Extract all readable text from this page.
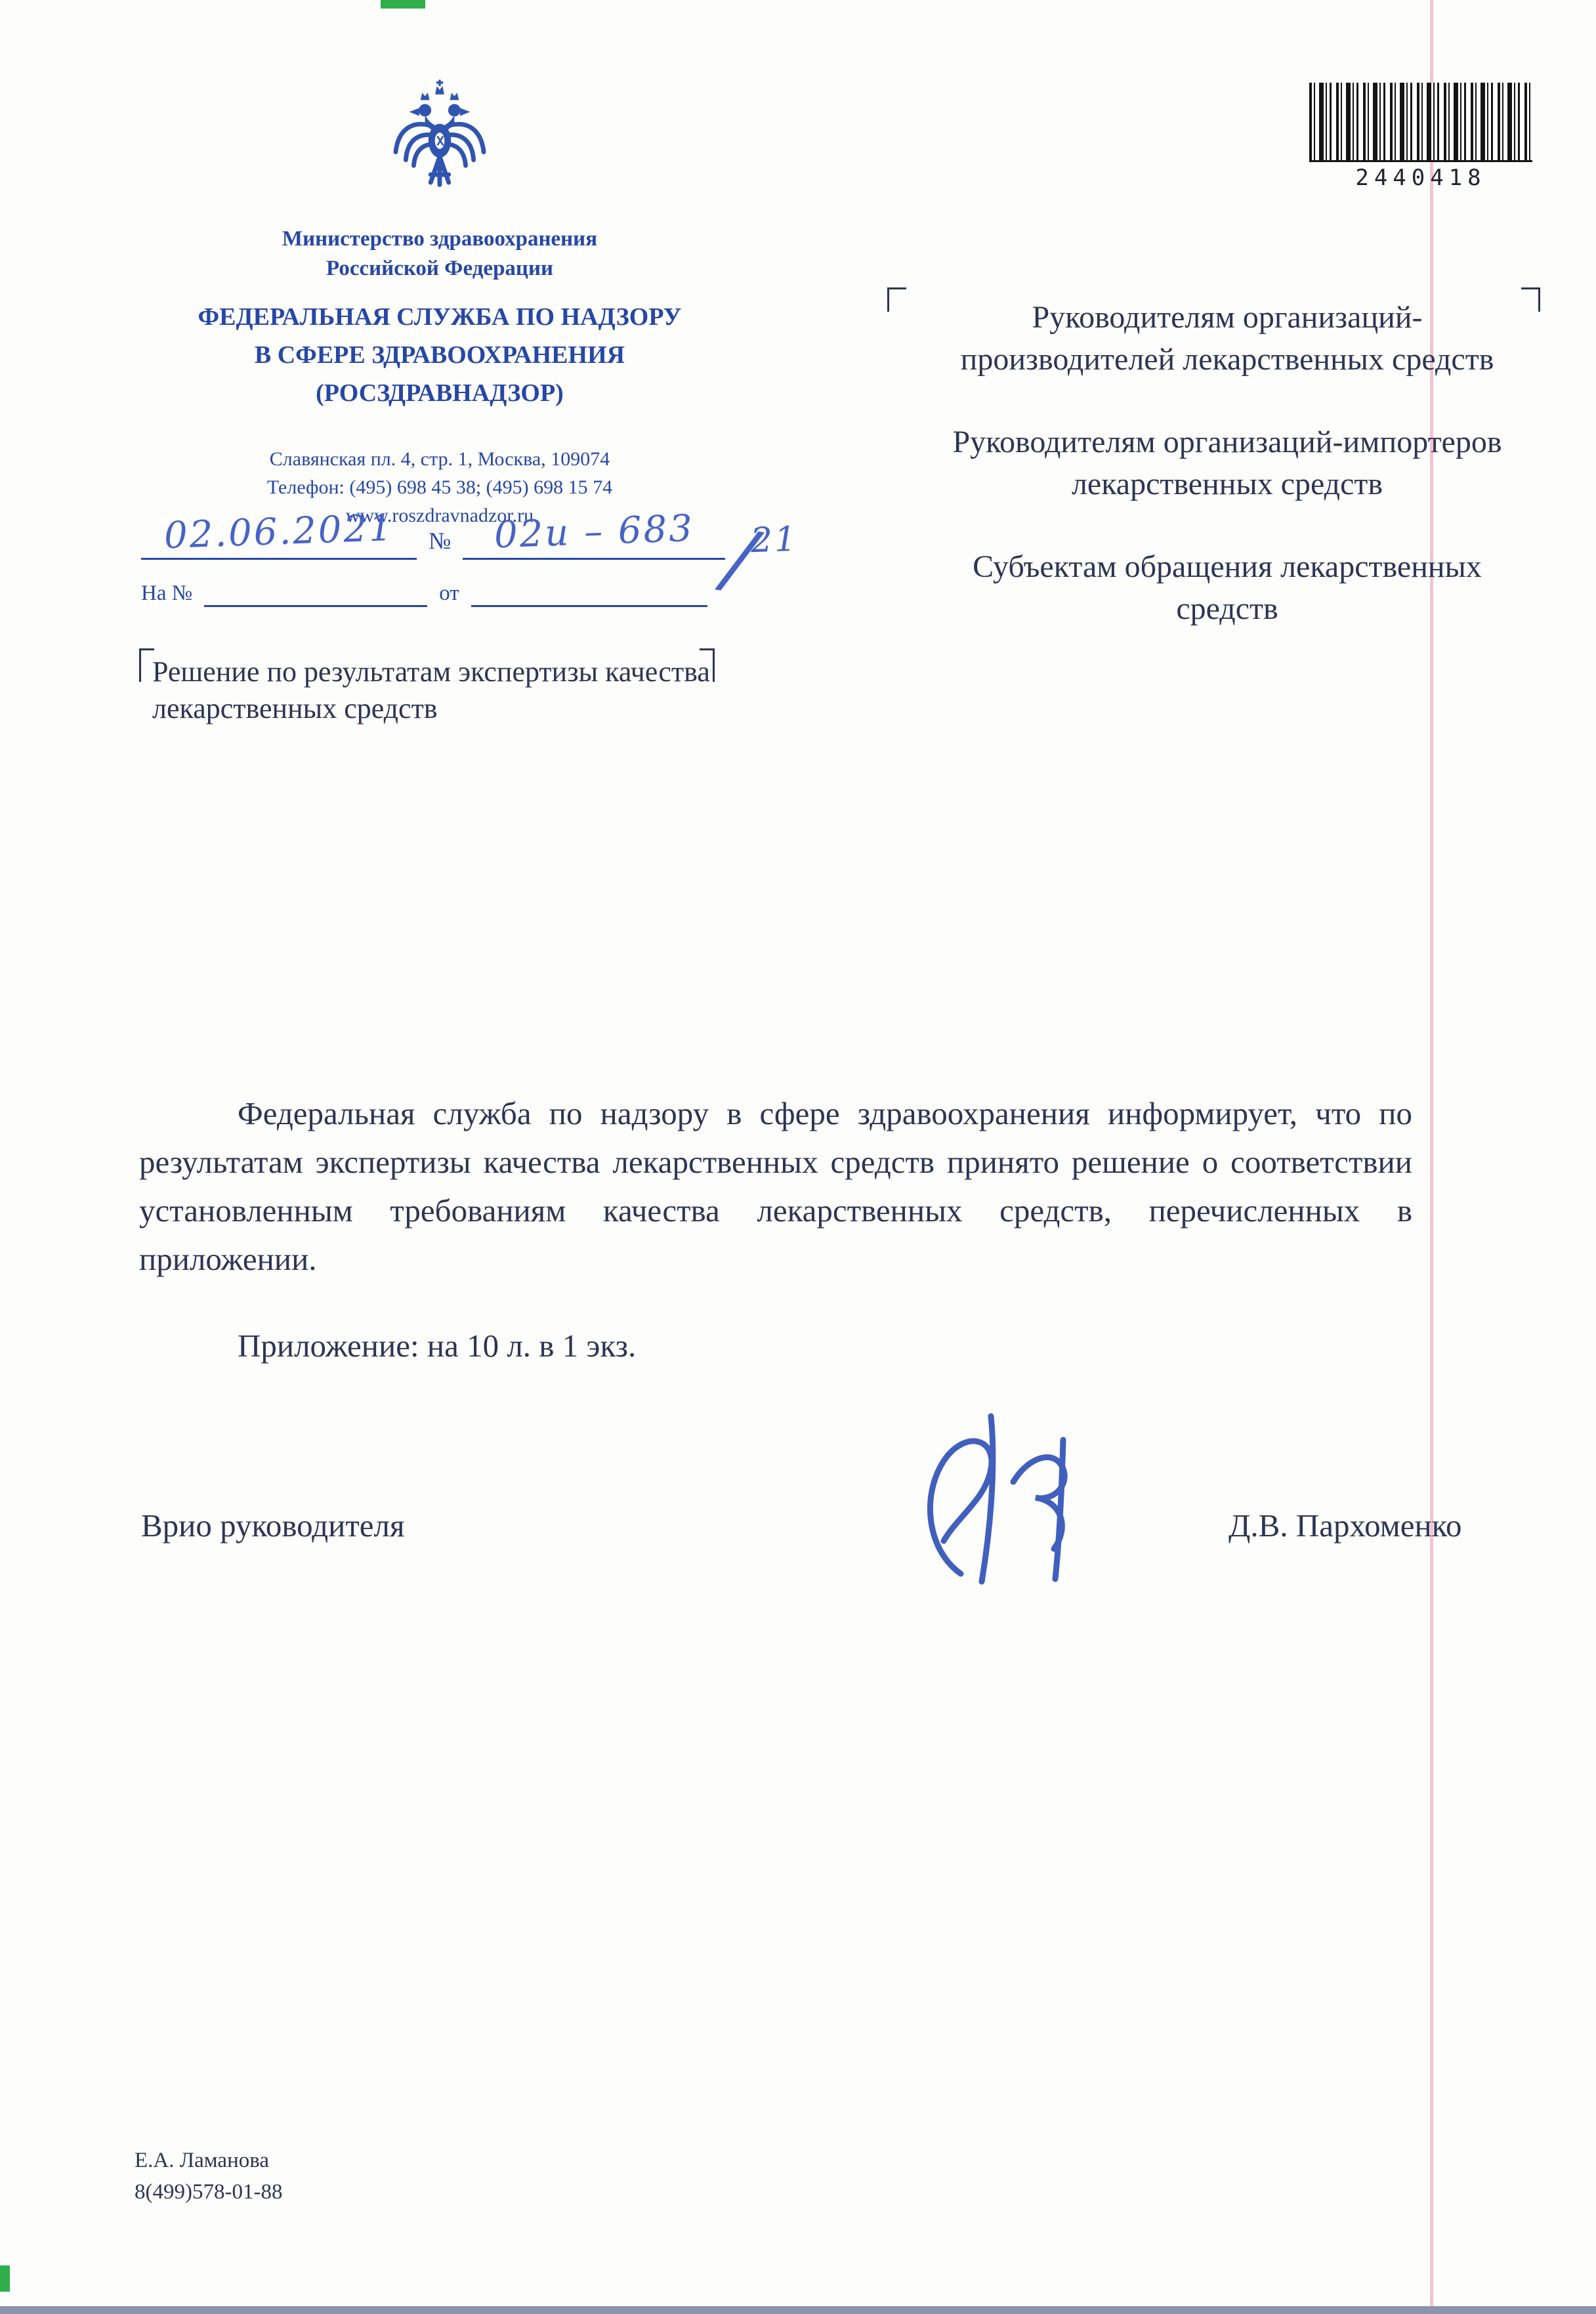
Министерство здравоохранения
Российской Федерации
ФЕДЕРАЛЬНАЯ СЛУЖБА ПО НАДЗОРУ
В СФЕРЕ ЗДРАВООХРАНЕНИЯ
(РОСЗДРАВНАДЗОР)
Славянская пл. 4, стр. 1, Москва, 109074
Телефон: (495) 698 45 38; (495) 698 15 74
www.roszdravnadzor.ru
02.06.2021	№	02и – 683 /
21
На №	от
Решение по результатам экспертизы качества лекарственных средств
2440418
Руководителям организаций-производителей лекарственных средств
Руководителям организаций-импортеров лекарственных средств
Субъектам обращения лекарственных средств

Федеральная служба по надзору в сфере здравоохранения информирует, что по результатам экспертизы качества лекарственных средств принято решение о соответствии установленным требованиям качества лекарственных средств, перечисленных в приложении.

Приложение: на 10 л. в 1 экз.
Врио руководителя	Д.В. Пархоменко
Е.А. Ламанова
8(499)578-01-88
